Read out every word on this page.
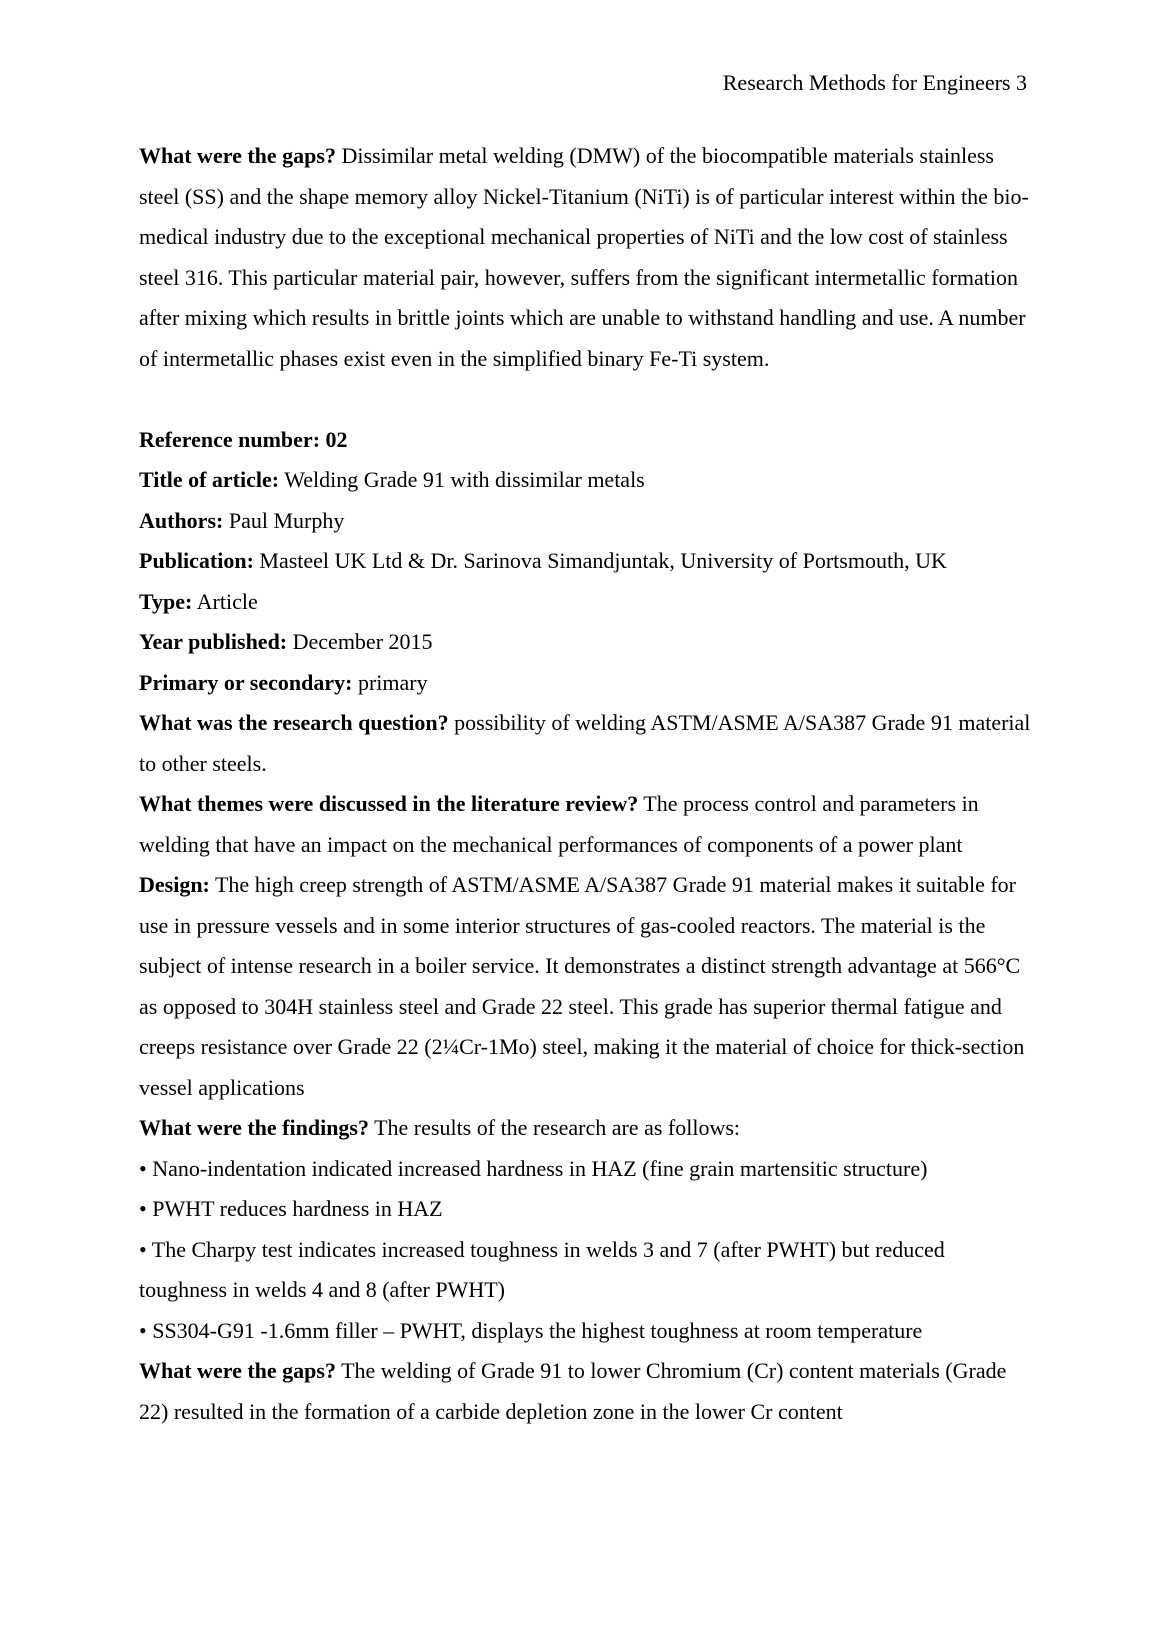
Research Methods for Engineers 3

What were the gaps? Dissimilar metal welding (DMW) of the biocompatible materials stainless steel (SS) and the shape memory alloy Nickel-Titanium (NiTi) is of particular interest within the bio-medical industry due to the exceptional mechanical properties of NiTi and the low cost of stainless steel 316. This particular material pair, however, suffers from the significant intermetallic formation after mixing which results in brittle joints which are unable to withstand handling and use. A number of intermetallic phases exist even in the simplified binary Fe-Ti system.

Reference number: 02

Title of article: Welding Grade 91 with dissimilar metals

Authors: Paul Murphy

Publication: Masteel UK Ltd & Dr. Sarinova Simandjuntak, University of Portsmouth, UK

Type: Article

Year published: December 2015

Primary or secondary: primary

What was the research question? possibility of welding ASTM/ASME A/SA387 Grade 91 material to other steels.

What themes were discussed in the literature review? The process control and parameters in welding that have an impact on the mechanical performances of components of a power plant

Design: The high creep strength of ASTM/ASME A/SA387 Grade 91 material makes it suitable for use in pressure vessels and in some interior structures of gas-cooled reactors. The material is the subject of intense research in a boiler service. It demonstrates a distinct strength advantage at 566°C as opposed to 304H stainless steel and Grade 22 steel. This grade has superior thermal fatigue and creeps resistance over Grade 22 (2¼Cr-1Mo) steel, making it the material of choice for thick-section vessel applications

What were the findings? The results of the research are as follows:

• Nano-indentation indicated increased hardness in HAZ (fine grain martensitic structure)

• PWHT reduces hardness in HAZ

• The Charpy test indicates increased toughness in welds 3 and 7 (after PWHT) but reduced toughness in welds 4 and 8 (after PWHT)

• SS304-G91 -1.6mm filler – PWHT, displays the highest toughness at room temperature

What were the gaps? The welding of Grade 91 to lower Chromium (Cr) content materials (Grade 22) resulted in the formation of a carbide depletion zone in the lower Cr content
